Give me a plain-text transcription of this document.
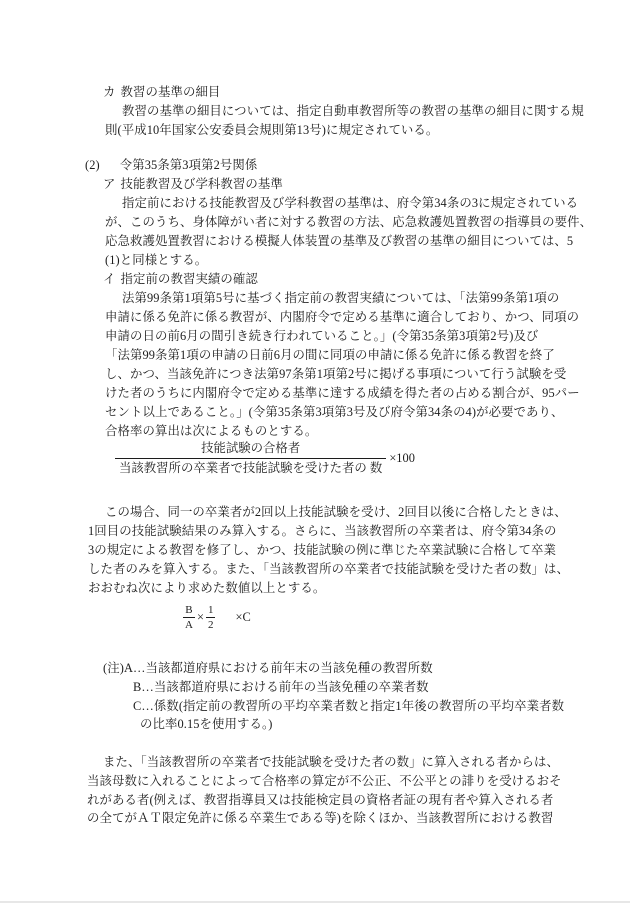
カ 教習の基準の細目
教習の基準の細目については、指定自動車教習所等の教習の基準の細目に関する規
則(平成10年国家公安委員会規則第13号)に規定されている。
(2) 令第35条第3項第2号関係
ア 技能教習及び学科教習の基準
指定前における技能教習及び学科教習の基準は、府令第34条の3に規定されている
が、このうち、身体障がい者に対する教習の方法、応急救護処置教習の指導員の要件、
応急救護処置教習における模擬人体装置の基準及び教習の基準の細目については、5
(1)と同様とする。
イ 指定前の教習実績の確認
法第99条第1項第5号に基づく指定前の教習実績については、「法第99条第1項の
申請に係る免許に係る教習が、内閣府令で定める基準に適合しており、かつ、同項の
申請の日の前6月の間引き続き行われていること。」(令第35条第3項第2号)及び
「法第99条第1項の申請の日前6月の間に同項の申請に係る免許に係る教習を終了
し、かつ、当該免許につき法第97条第1項第2号に掲げる事項について行う試験を受
けた者のうちに内閣府令で定める基準に達する成績を得た者の占める割合が、95パー
セント以上であること。」(令第35条第3項第3号及び府令第34条の4)が必要であり、
合格率の算出は次によるものとする。
$\frac{\text{技能試験の合格者}}{\text{当該教習所の卒業者で技能試験を受けた者の 数}} \times 100$
この場合、同一の卒業者が2回以上技能試験を受け、2回目以後に合格したときは、
1回目の技能試験結果のみ算入する。さらに、当該教習所の卒業者は、府令第34条の
3の規定による教習を修了し、かつ、技能試験の例に準じた卒業試験に合格して卒業
した者のみを算入する。また、「当該教習所の卒業者で技能試験を受けた者の数」は、
おおむね次により求めた数値以上とする。
$\frac{B}{A} \times \frac{1}{2} \times C$
(注)A…当該都道府県における前年末の当該免種の教習所数
B…当該都道府県における前年の当該免種の卒業者数
C…係数(指定前の教習所の平均卒業者数と指定1年後の教習所の平均卒業者数
の比率0.15を使用する。)
また、「当該教習所の卒業者で技能試験を受けた者の数」に算入される者からは、
当該母数に入れることによって合格率の算定が不公正、不公平との誹りを受けるおそ
れがある者(例えば、教習指導員又は技能検定員の資格者証の現有者や算入される者
の全てがＡＴ限定免許に係る卒業生である等)を除くほか、当該教習所における教習
